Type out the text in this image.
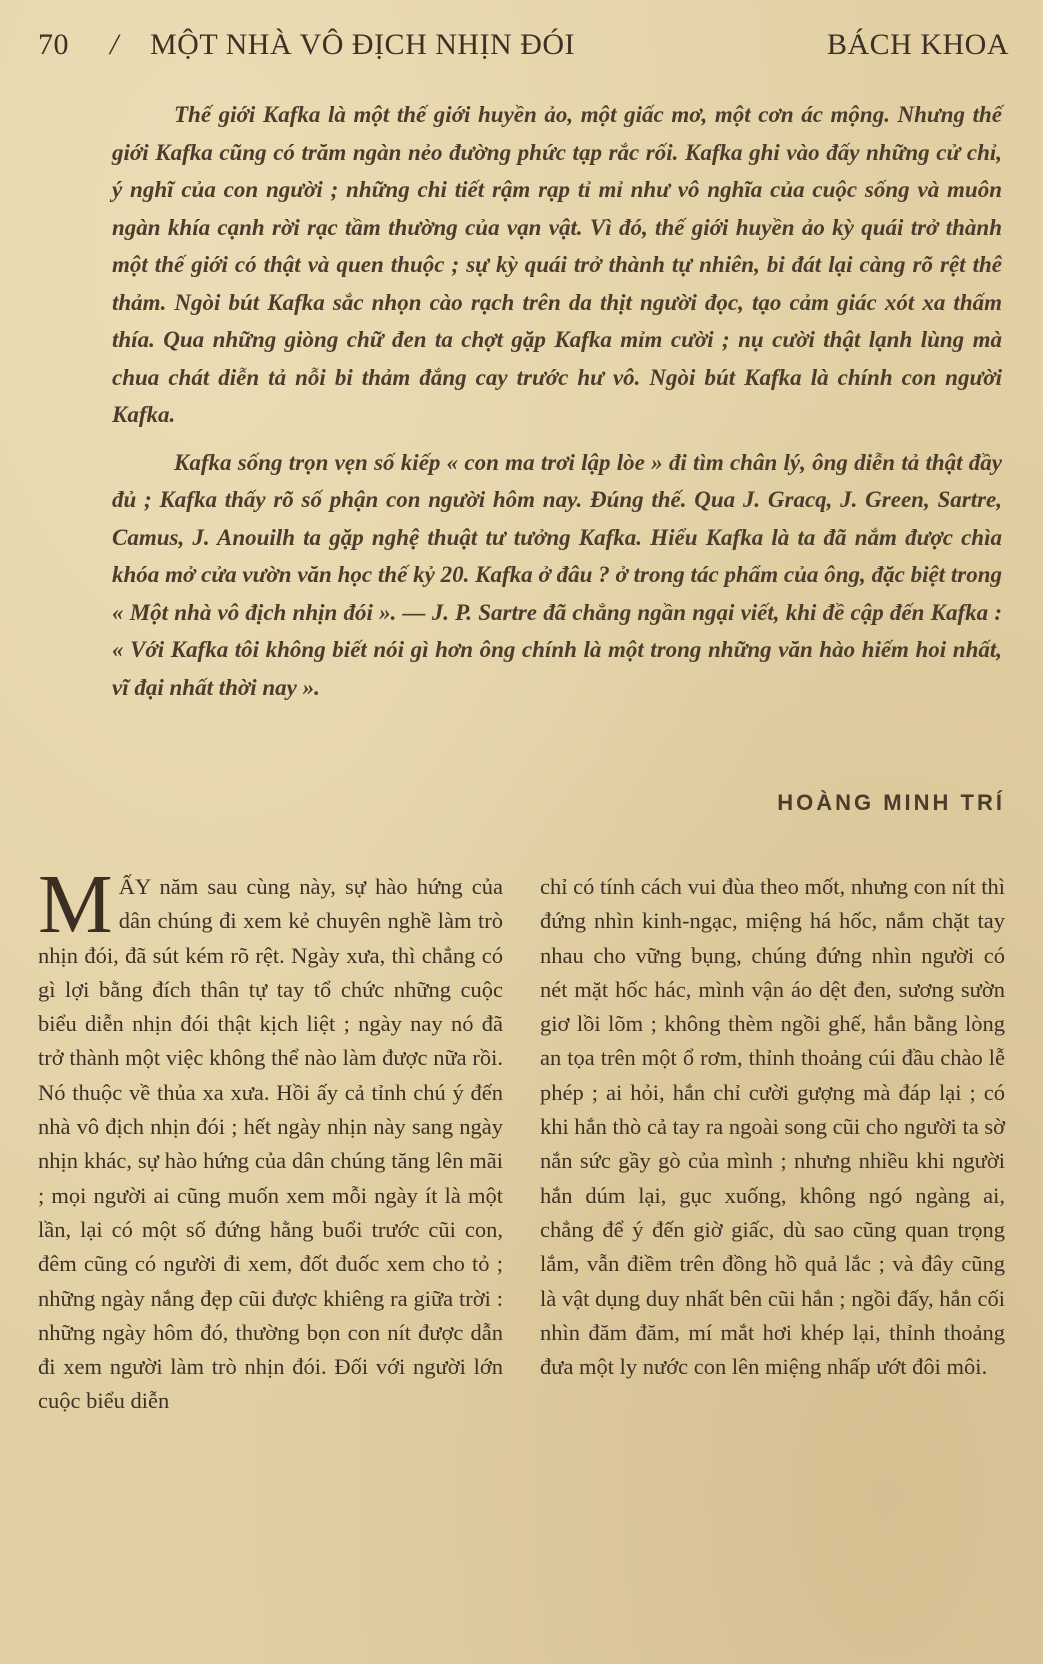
70 / MỘT NHÀ VÔ ĐỊCH NHỊN ĐÓI	BÁCH KHOA

Thế giới Kafka là một thế giới huyền ảo, một giấc mơ, một cơn ác mộng. Nhưng thế giới Kafka cũng có trăm ngàn nẻo đường phức tạp rắc rối. Kafka ghi vào đấy những cử chỉ, ý nghĩ của con người ; những chi tiết rậm rạp tỉ mỉ như vô nghĩa của cuộc sống và muôn ngàn khía cạnh rời rạc tầm thường của vạn vật. Vì đó, thế giới huyền ảo kỳ quái trở thành một thế giới có thật và quen thuộc ; sự kỳ quái trở thành tự nhiên, bi đát lại càng rõ rệt thê thảm. Ngòi bút Kafka sắc nhọn cào rạch trên da thịt người đọc, tạo cảm giác xót xa thấm thía. Qua những giòng chữ đen ta chợt gặp Kafka mỉm cười ; nụ cười thật lạnh lùng mà chua chát diễn tả nỗi bi thảm đắng cay trước hư vô. Ngòi bút Kafka là chính con người Kafka.

Kafka sống trọn vẹn số kiếp « con ma trơi lập lòe » đi tìm chân lý, ông diễn tả thật đầy đủ ; Kafka thấy rõ số phận con người hôm nay. Đúng thế. Qua J. Gracq, J. Green, Sartre, Camus, J. Anouilh ta gặp nghệ thuật tư tưởng Kafka. Hiểu Kafka là ta đã nắm được chìa khóa mở cửa vườn văn học thế kỷ 20. Kafka ở đâu ? ở trong tác phẩm của ông, đặc biệt trong « Một nhà vô địch nhịn đói ». — J. P. Sartre đã chẳng ngần ngại viết, khi đề cập đến Kafka : « Với Kafka tôi không biết nói gì hơn ông chính là một trong những văn hào hiếm hoi nhất, vĩ đại nhất thời nay ».

HOÀNG MINH TRÍ

MẤY năm sau cùng này, sự hào hứng của dân chúng đi xem kẻ chuyên nghề làm trò nhịn đói, đã sút kém rõ rệt. Ngày xưa, thì chẳng có gì lợi bằng đích thân tự tay tổ chức những cuộc biểu diễn nhịn đói thật kịch liệt ; ngày nay nó đã trở thành một việc không thể nào làm được nữa rồi. Nó thuộc về thủa xa xưa. Hồi ấy cả tỉnh chú ý đến nhà vô địch nhịn đói ; hết ngày nhịn này sang ngày nhịn khác, sự hào hứng của dân chúng tăng lên mãi ; mọi người ai cũng muốn xem mỗi ngày ít là một lần, lại có một số đứng hằng buổi trước cũi con, đêm cũng có người đi xem, đốt đuốc xem cho tỏ ; những ngày nắng đẹp cũi được khiêng ra giữa trời : những ngày hôm đó, thường bọn con nít được dẫn đi xem người làm trò nhịn đói. Đối với người lớn cuộc biểu diễn

chỉ có tính cách vui đùa theo mốt, nhưng con nít thì đứng nhìn kinh-ngạc, miệng há hốc, nắm chặt tay nhau cho vững bụng, chúng đứng nhìn người có nét mặt hốc hác, mình vận áo dệt đen, sương sườn giơ lồi lõm ; không thèm ngồi ghế, hắn bằng lòng an tọa trên một ổ rơm, thỉnh thoảng cúi đầu chào lễ phép ; ai hỏi, hắn chỉ cười gượng mà đáp lại ; có khi hắn thò cả tay ra ngoài song cũi cho người ta sờ nắn sức gầy gò của mình ; nhưng nhiều khi người hắn dúm lại, gục xuống, không ngó ngàng ai, chẳng để ý đến giờ giấc, dù sao cũng quan trọng lắm, vẫn điềm trên đồng hồ quả lắc ; và đây cũng là vật dụng duy nhất bên cũi hắn ; ngồi đấy, hắn cối nhìn đăm đăm, mí mắt hơi khép lại, thỉnh thoảng đưa một ly nước con lên miệng nhấp ướt đôi môi.
